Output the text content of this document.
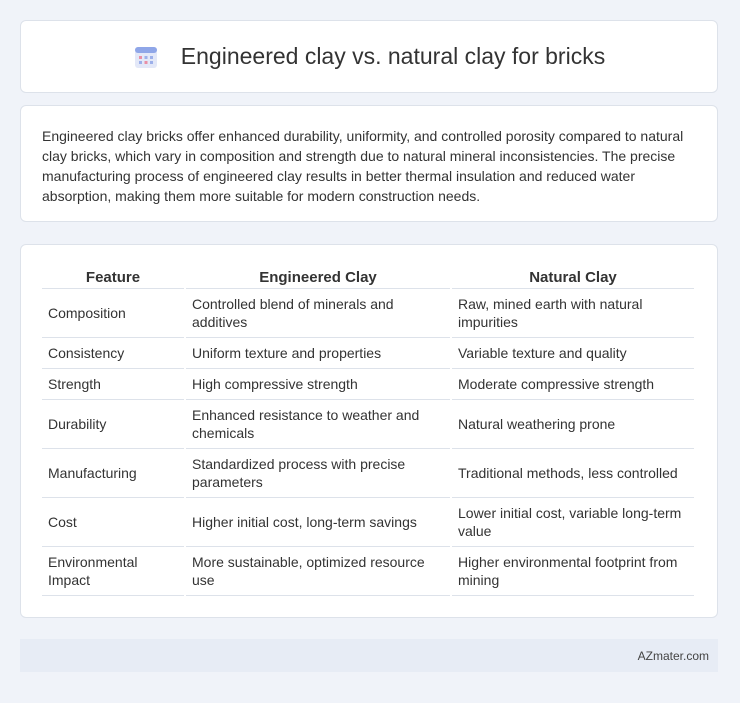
Engineered clay vs. natural clay for bricks

Engineered clay bricks offer enhanced durability, uniformity, and controlled porosity compared to natural clay bricks, which vary in composition and strength due to natural mineral inconsistencies. The precise manufacturing process of engineered clay results in better thermal insulation and reduced water absorption, making them more suitable for modern construction needs.

Feature	Engineered Clay	Natural Clay
Composition	Controlled blend of minerals and additives	Raw, mined earth with natural impurities
Consistency	Uniform texture and properties	Variable texture and quality
Strength	High compressive strength	Moderate compressive strength
Durability	Enhanced resistance to weather and chemicals	Natural weathering prone
Manufacturing	Standardized process with precise parameters	Traditional methods, less controlled
Cost	Higher initial cost, long-term savings	Lower initial cost, variable long-term value
Environmental Impact	More sustainable, optimized resource use	Higher environmental footprint from mining
AZmater.com
